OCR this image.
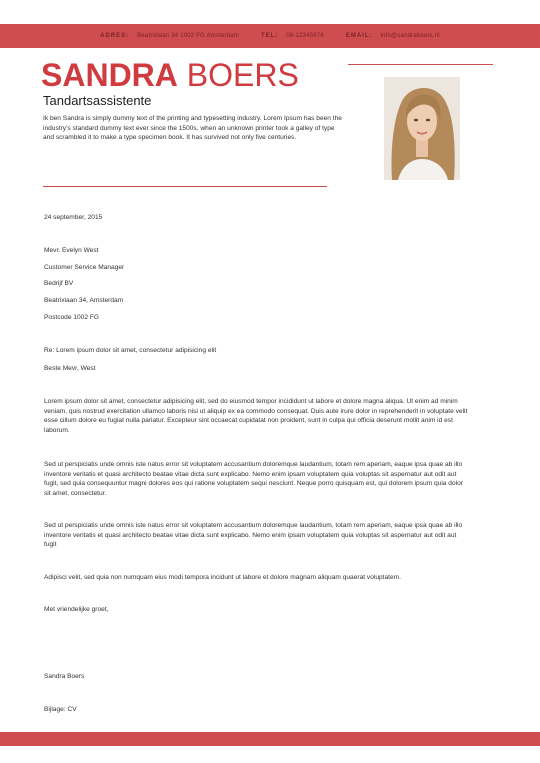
ADRES: Beatrixlaan 34 1002 FG Amsterdam	TEL: 06-12345678	EMAIL: info@sandraboers.nl
SANDRA BOERS
Tandartsassistente
Ik ben Sandra is simply dummy text of the printing and typesetting industry. Lorem Ipsum has been the industry's standard dummy text ever since the 1500s, when an unknown printer took a galley of type and scrambled it to make a type specimen book. It has survived not only five centuries.
24 september, 2015
Mevr. Evelyn West
Customer Service Manager
Bedrijf BV
Beatrixlaan 34, Amsterdam
Postcode 1002 FG
Re: Lorem ipsum dolor sit amet, consectetur adipisicing elit
Beste Mevr, West
Lorem ipsum dolor sit amet, consectetur adipisicing elit, sed do eiusmod tempor incididunt ut labore et dolore magna aliqua. Ut enim ad minim veniam, quis nostrud exercitation ullamco laboris nisi ut aliquip ex ea commodo consequat. Duis aute irure dolor in reprehenderit in voluptate velit esse cillum dolore eu fugiat nulla pariatur. Excepteur sint occaecat cupidatat non proident, sunt in culpa qui officia deserunt mollit anim id est laborum.
Sed ut perspiciatis unde omnis iste natus error sit voluptatem accusantium doloremque laudantium, totam rem aperiam, eaque ipsa quae ab illo inventore veritatis et quasi architecto beatae vitae dicta sunt explicabo. Nemo enim ipsam voluptatem quia voluptas sit aspernatur aut odit aut fugit, sed quia consequuntur magni dolores eos qui ratione voluptatem sequi nesciunt. Neque porro quisquam est, qui dolorem ipsum quia dolor sit amet, consectetur.
Sed ut perspiciatis unde omnis iste natus error sit voluptatem accusantium doloremque laudantium, totam rem aperiam, eaque ipsa quae ab illo inventore veritatis et quasi architecto beatae vitae dicta sunt explicabo. Nemo enim ipsam voluptatem quia voluptas sit aspernatur aut odit aut fugit
Adipisci velit, sed quia non numquam eius modi tempora incidunt ut labore et dolore magnam aliquam quaerat voluptatem.
Met vriendelijke groet,
Sandra Boers
Bijlage: CV
